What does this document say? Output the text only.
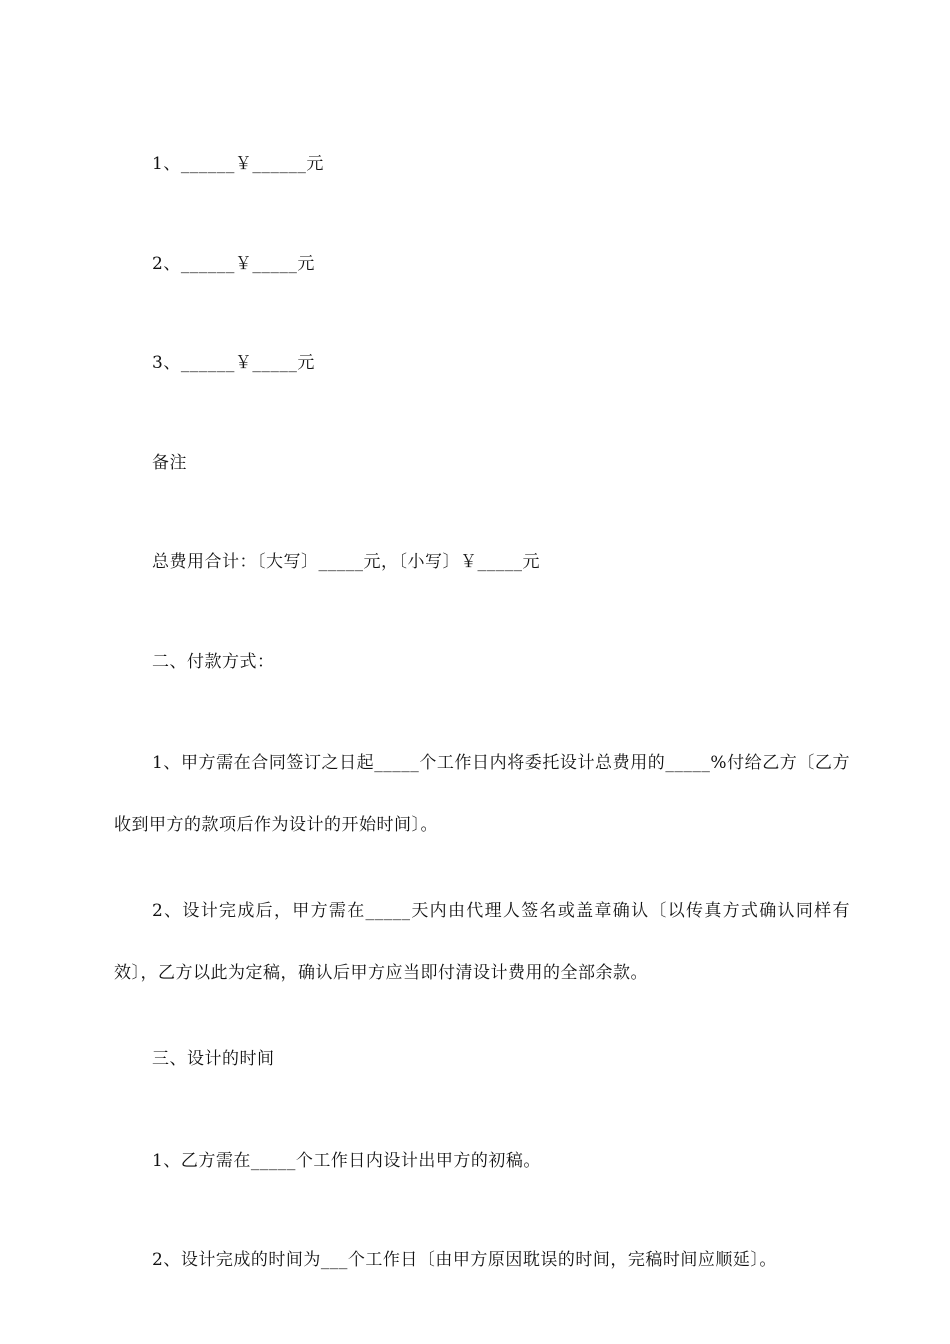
1、______￥______元
2、______￥_____元
3、______￥_____元
备注
总费用合计：〔大写〕_____元，〔小写〕￥_____元
二、付款方式：
1、甲方需在合同签订之日起_____个工作日内将委托设计总费用的_____%付给乙方〔乙方收到甲方的款项后作为设计的开始时间〕。
2、设计完成后，甲方需在_____天内由代理人签名或盖章确认〔以传真方式确认同样有效〕，乙方以此为定稿，确认后甲方应当即付清设计费用的全部余款。
三、设计的时间
1、乙方需在_____个工作日内设计出甲方的初稿。
2、设计完成的时间为___个工作日〔由甲方原因耽误的时间，完稿时间应顺延〕。
